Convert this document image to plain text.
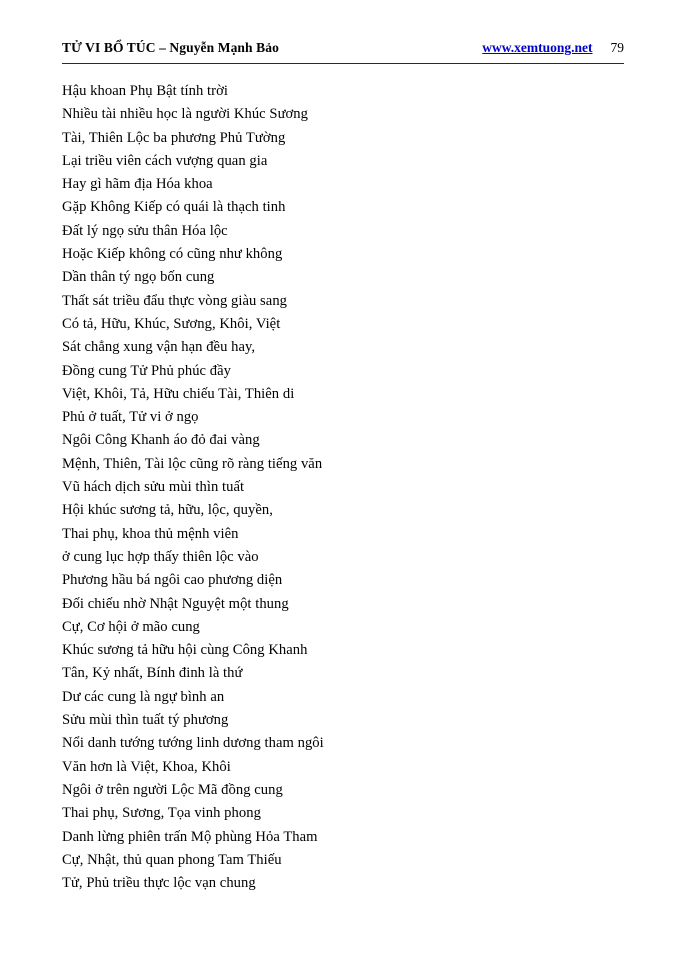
TỬ VI BỔ TÚC – Nguyễn Mạnh Bảo	www.xemtuong.net 79
Hậu khoan Phụ Bật tính trời
Nhiều tài nhiều học là người Khúc Sương
Tài, Thiên Lộc ba phương Phủ Tường
Lại triều viên cách vượng quan gia
Hay gì hãm địa Hóa khoa
Gặp Không Kiếp có quái là thạch tinh
Đất lý ngọ sửu thân Hóa lộc
Hoặc Kiếp không có cũng như không
Dần thân tý ngọ bốn cung
Thất sát triều đẩu thực vòng giàu sang
Có tả, Hữu, Khúc, Sương, Khôi, Việt
Sát chẳng xung vận hạn đều hay,
Đồng cung Tử Phủ phúc đầy
Việt, Khôi, Tả, Hữu chiếu Tài, Thiên di
Phủ ở tuất, Tử vi ở ngọ
Ngôi Công Khanh áo đỏ đai vàng
Mệnh, Thiên, Tài lộc cũng rõ ràng tiếng văn
Vũ hách dịch sửu mùi thìn tuất
Hội khúc sương tả, hữu, lộc, quyền,
Thai phụ, khoa thủ mệnh viên
ở cung lục hợp thấy thiên lộc vào
Phương hầu bá ngôi cao phương diện
Đối chiếu nhờ Nhật Nguyệt một thung
Cự, Cơ hội ở mão cung
Khúc sương tả hữu hội cùng Công Khanh
Tân, Kỷ nhất, Bính đinh là thứ
Dư các cung là ngự bình an
Sửu mùi thìn tuất tý phương
Nổi danh tướng tướng linh dương tham ngôi
Văn hơn là Việt, Khoa, Khôi
Ngôi ở trên người Lộc Mã đồng cung
Thai phụ, Sương, Tọa vinh phong
Danh lừng phiên trấn Mộ phùng Hỏa Tham
Cự, Nhật, thủ quan phong Tam Thiếu
Tử, Phủ triều thực lộc vạn chung
